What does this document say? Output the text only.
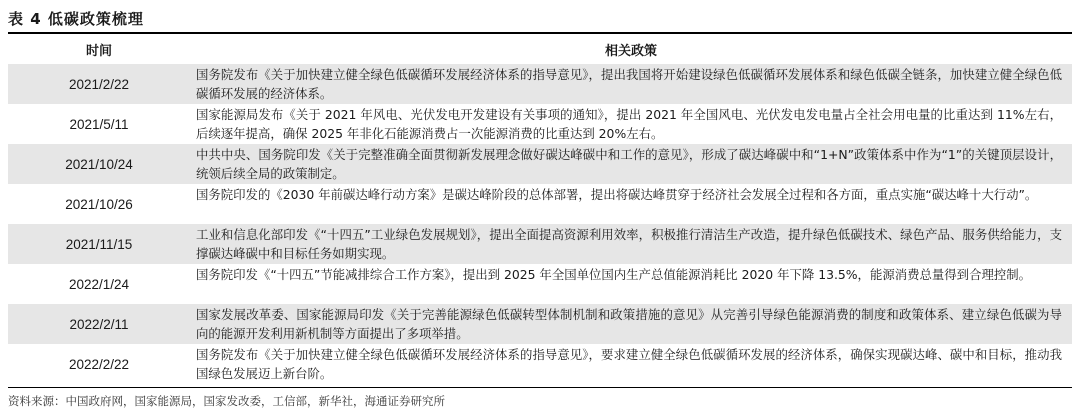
表 4 低碳政策梳理
时间	相关政策
2021/2/22
国务院发布《关于加快建立健全绿色低碳循环发展经济体系的指导意见》，提出我国将开始建设绿色低碳循环发展体系和绿色低碳全链条，加快建立健全绿色低碳循环发展的经济体系。
2021/5/11
国家能源局发布《关于 2021 年风电、光伏发电开发建设有关事项的通知》，提出 2021 年全国风电、光伏发电发电量占全社会用电量的比重达到 11%左右，后续逐年提高，确保 2025 年非化石能源消费占一次能源消费的比重达到 20%左右。
2021/10/24
中共中央、国务院印发《关于完整准确全面贯彻新发展理念做好碳达峰碳中和工作的意见》，形成了碳达峰碳中和“1+N”政策体系中作为“1”的关键顶层设计，统领后续全局的政策制定。
2021/10/26
国务院印发的《2030 年前碳达峰行动方案》是碳达峰阶段的总体部署，提出将碳达峰贯穿于经济社会发展全过程和各方面，重点实施“碳达峰十大行动”。
2021/11/15
工业和信息化部印发《“十四五”工业绿色发展规划》，提出全面提高资源利用效率，积极推行清洁生产改造，提升绿色低碳技术、绿色产品、服务供给能力，支撑碳达峰碳中和目标任务如期实现。
2022/1/24
国务院印发《“十四五”节能减排综合工作方案》，提出到 2025 年全国单位国内生产总值能源消耗比 2020 年下降 13.5%，能源消费总量得到合理控制。
2022/2/11
国家发展改革委、国家能源局印发《关于完善能源绿色低碳转型体制机制和政策措施的意见》从完善引导绿色能源消费的制度和政策体系、建立绿色低碳为导向的能源开发利用新机制等方面提出了多项举措。
2022/2/22
国务院发布《关于加快建立健全绿色低碳循环发展经济体系的指导意见》，要求建立健全绿色低碳循环发展的经济体系，确保实现碳达峰、碳中和目标，推动我国绿色发展迈上新台阶。
资料来源：中国政府网，国家能源局，国家发改委，工信部，新华社，海通证券研究所
